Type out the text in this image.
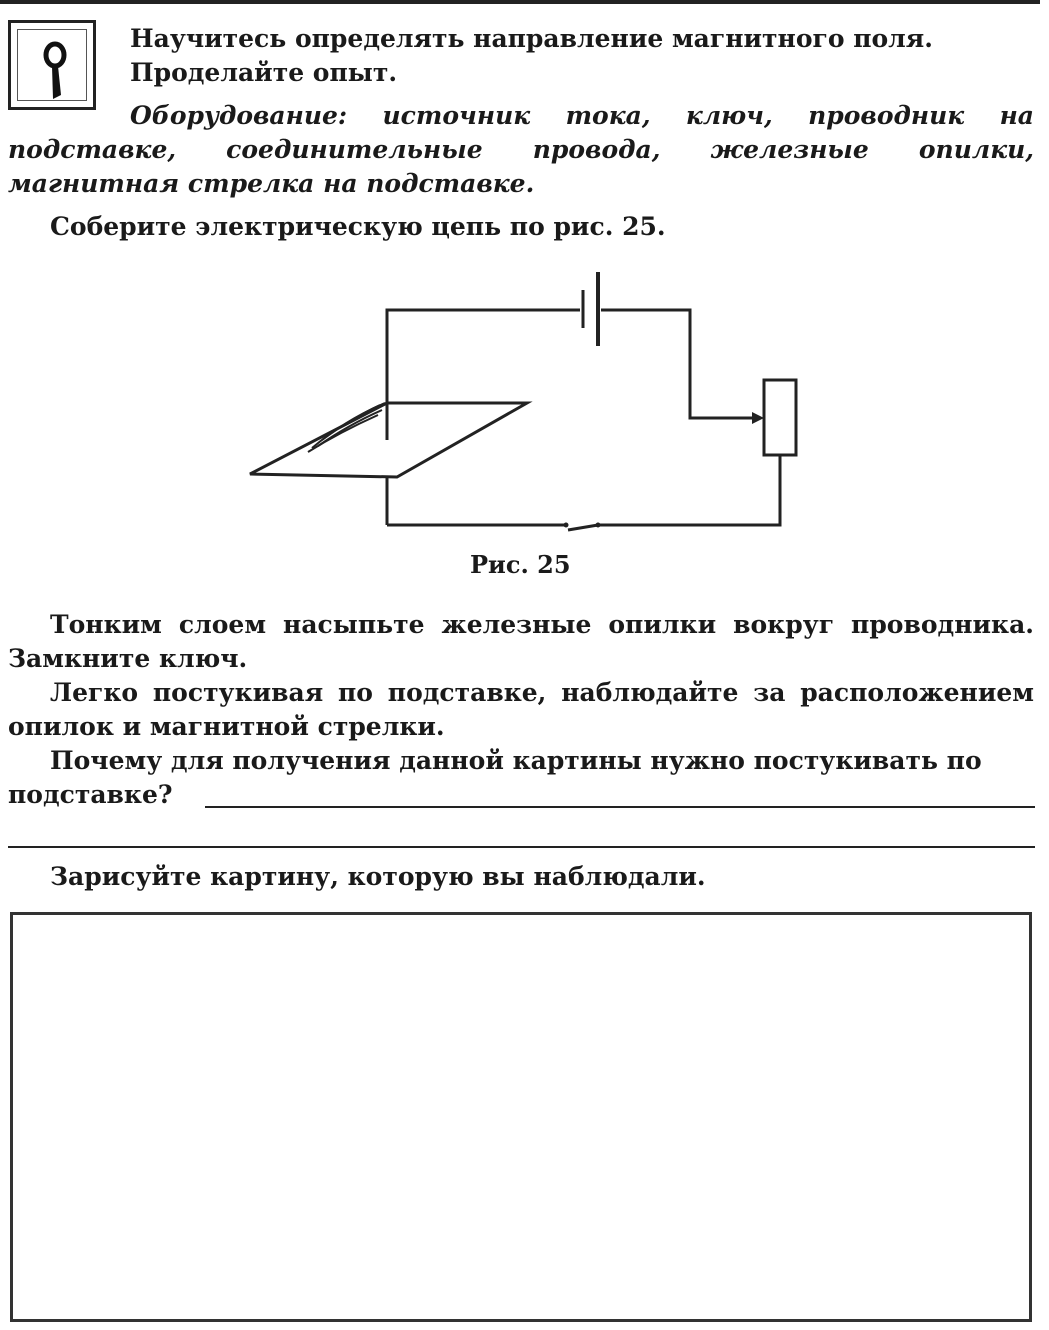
Научитесь определять направление магнитного поля.
Проделайте опыт.
Оборудование: источник тока, ключ, проводник на подставке, соединительные провода, железные опилки, магнитная стрелка на подставке.
Соберите электрическую цепь по рис. 25.
Рис. 25
Тонким слоем насыпьте железные опилки вокруг проводника. Замкните ключ.
Легко постукивая по подставке, наблюдайте за расположением опилок и магнитной стрелки.
Почему для получения данной картины нужно постукивать по
подставке?
Зарисуйте картину, которую вы наблюдали.
